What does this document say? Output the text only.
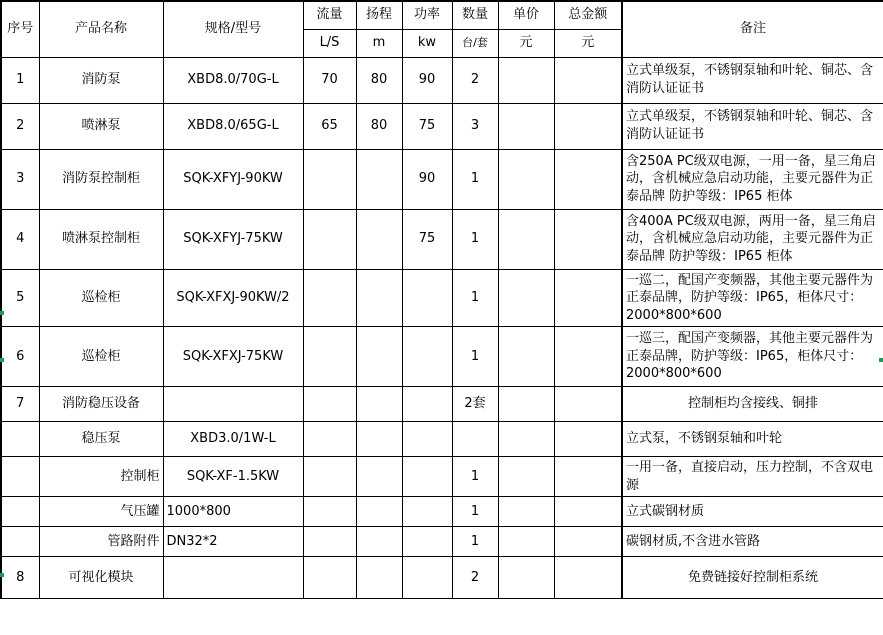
序号	产品名称	规格/型号	流量	扬程	功率	数量	单价	总金额	备注
			L/S	m	kw	台/套	元	元	
1	消防泵	XBD8.0/70G-L	70	80	90	2			立式单级泵，不锈钢泵轴和叶轮、铜芯、含消防认证证书

2	喷淋泵	XBD8.0/65G-L	65	80	75	3			立式单级泵，不锈钢泵轴和叶轮、铜芯、含消防认证证书

3	消防泵控制柜	SQK-XFYJ-90KW			90	1			含250A PC级双电源，一用一备，星三角启动，含机械应急启动功能，主要元器件为正泰品牌 防护等级：IP65 柜体

4	喷淋泵控制柜	SQK-XFYJ-75KW			75	1			含400A PC级双电源，两用一备，星三角启动，含机械应急启动功能，主要元器件为正泰品牌 防护等级：IP65 柜体

5	巡检柜	SQK-XFXJ-90KW/2				1			一巡二，配国产变频器，其他主要元器件为正泰品牌，防护等级：IP65，柜体尺寸：2000*800*600

6	巡检柜	SQK-XFXJ-75KW				1			一巡三，配国产变频器，其他主要元器件为正泰品牌，防护等级：IP65，柜体尺寸：2000*800*600

7	消防稳压设备					2套			控制柜均含接线、铜排

	稳压泵	XBD3.0/1W-L							立式泵，不锈钢泵轴和叶轮

	控制柜	SQK-XF-1.5KW				1			一用一备，直接启动，压力控制，不含双电源

	气压罐	1000*800				1			立式碳钢材质

	管路附件	DN32*2				1			碳钢材质,不含进水管路

8	可视化模块					2			免费链接好控制柜系统
